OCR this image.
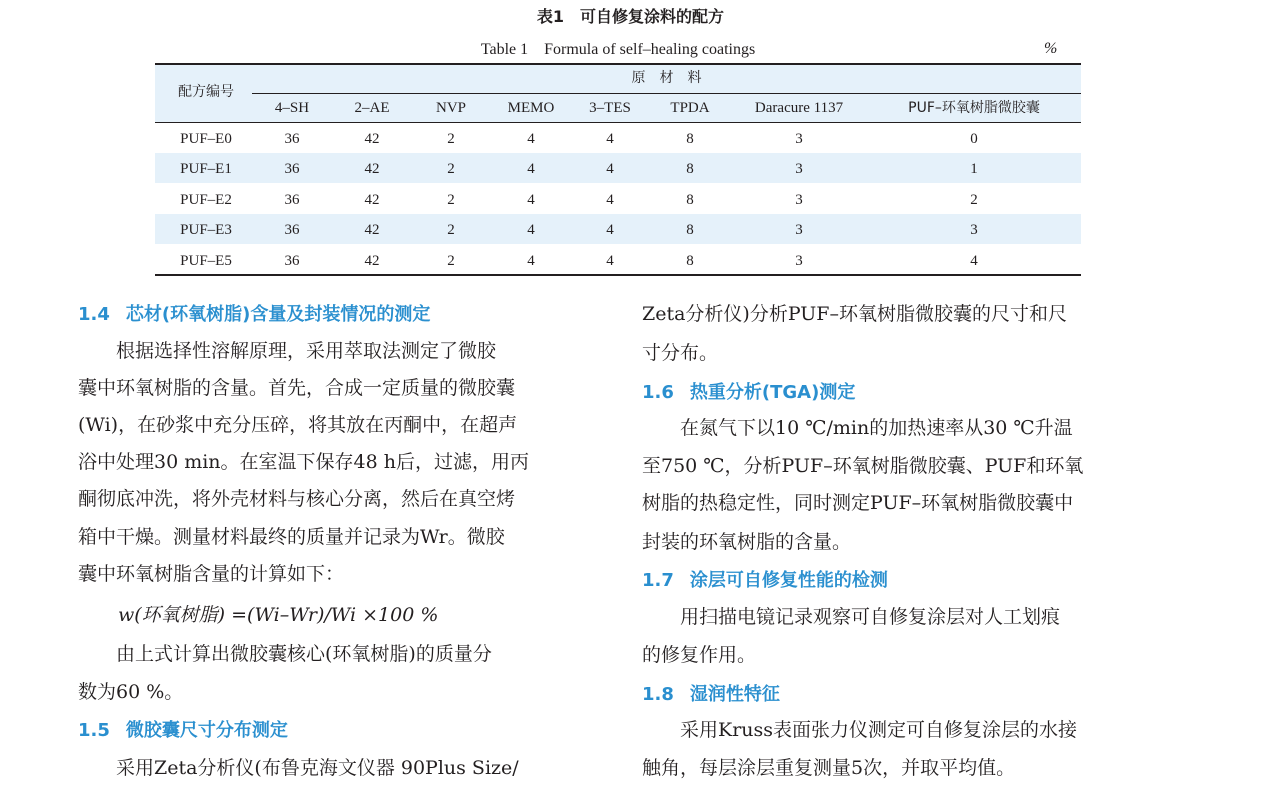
表1　可自修复涂料的配方
Table 1　Formula of self–healing coatings	%
配方编号
原　材　料
4–SH	2–AE	NVP	MEMO	3–TES	TPDA	Daracure 1137	PUF–环氧树脂微胶囊
PUF–E0	36	42	2	4	4	8	3	0
PUF–E1	36	42	2	4	4	8	3	1
PUF–E2	36	42	2	4	4	8	3	2
PUF–E3	36	42	2	4	4	8	3	3
PUF–E5	36	42	2	4	4	8	3	4
1.4 芯材(环氧树脂)含量及封装情况的测定
　　根据选择性溶解原理，采用萃取法测定了微胶
囊中环氧树脂的含量。首先，合成一定质量的微胶囊
(Wi)，在砂浆中充分压碎，将其放在丙酮中，在超声
浴中处理30 min。在室温下保存48 h后，过滤，用丙
酮彻底冲洗，将外壳材料与核心分离，然后在真空烤
箱中干燥。测量材料最终的质量并记录为Wr。微胶
囊中环氧树脂含量的计算如下：
w(环氧树脂) =(Wi–Wr)/Wi ×100 %
　　由上式计算出微胶囊核心(环氧树脂)的质量分
数为60 %。
1.5 微胶囊尺寸分布测定
　　采用Zeta分析仪(布鲁克海文仪器 90Plus Size/
Zeta分析仪)分析PUF–环氧树脂微胶囊的尺寸和尺
寸分布。
1.6 热重分析(TGA)测定
　　在氮气下以10 ℃/min的加热速率从30 ℃升温
至750 ℃，分析PUF–环氧树脂微胶囊、PUF和环氧
树脂的热稳定性，同时测定PUF–环氧树脂微胶囊中
封装的环氧树脂的含量。
1.7 涂层可自修复性能的检测
　　用扫描电镜记录观察可自修复涂层对人工划痕
的修复作用。
1.8 湿润性特征
　　采用Kruss表面张力仪测定可自修复涂层的水接
触角，每层涂层重复测量5次，并取平均值。
